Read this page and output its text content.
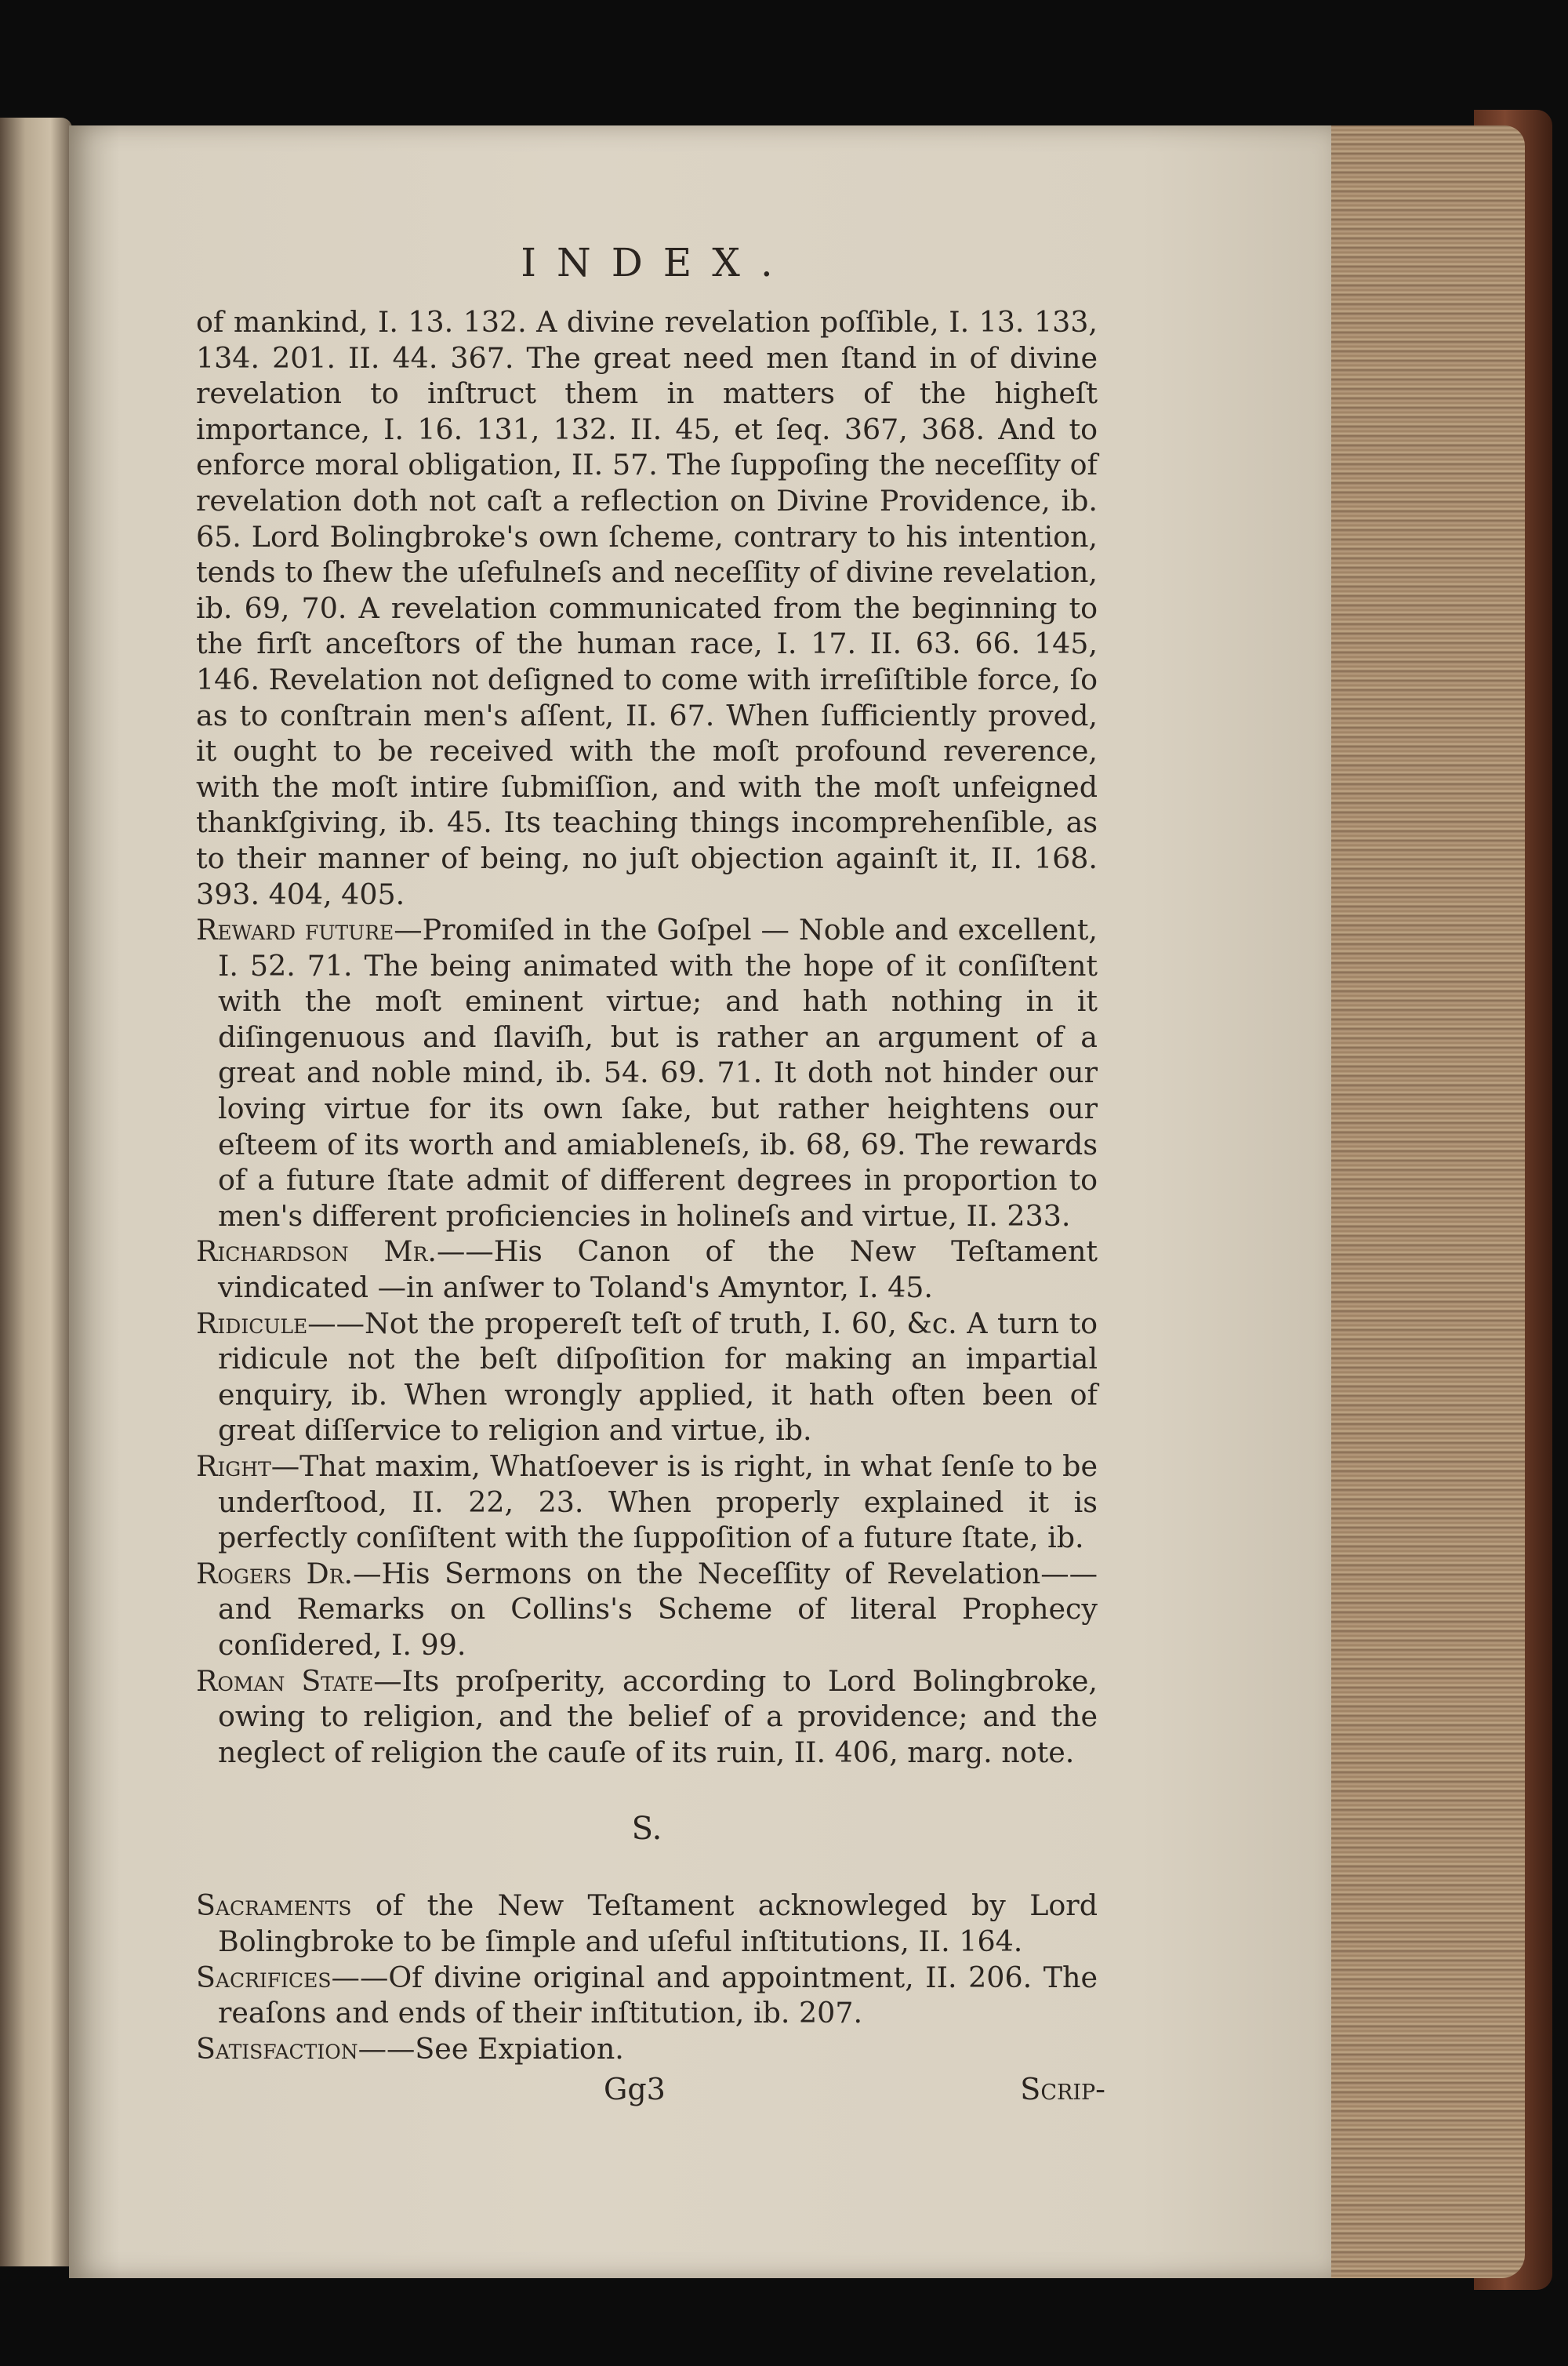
INDEX.

of mankind, I. 13. 132. A divine revelation poſſible, I. 13. 133, 134. 201. II. 44. 367. The great need men ſtand in of divine revelation to inſtruct them in matters of the higheſt importance, I. 16. 131, 132. II. 45, et ſeq. 367, 368. And to enforce moral obligation, II. 57. The ſuppoſing the neceſſity of revelation doth not caſt a reflection on Divine Providence, ib. 65. Lord Bolingbroke's own ſcheme, contrary to his intention, tends to ſhew the uſefulneſs and neceſſity of divine revelation, ib. 69, 70. A revelation communicated from the beginning to the firſt anceſtors of the human race, I. 17. II. 63. 66. 145, 146. Revelation not deſigned to come with irreſiſtible force, ſo as to conſtrain men's aſſent, II. 67. When ſufficiently proved, it ought to be received with the moſt profound reverence, with the moſt intire ſubmiſſion, and with the moſt unfeigned thankſgiving, ib. 45. Its teaching things incomprehenſible, as to their manner of being, no juſt objection againſt it, II. 168. 393. 404, 405.

Reward future—Promiſed in the Goſpel — Noble and excellent, I. 52. 71. The being animated with the hope of it conſiſtent with the moſt eminent virtue; and hath nothing in it diſingenuous and ſlaviſh, but is rather an argument of a great and noble mind, ib. 54. 69. 71. It doth not hinder our loving virtue for its own ſake, but rather heightens our eſteem of its worth and amiableneſs, ib. 68, 69. The rewards of a future ſtate admit of different degrees in proportion to men's different proficiencies in holineſs and virtue, II. 233.

Richardson Mr.——His Canon of the New Teſtament vindicated —in anſwer to Toland's Amyntor, I. 45.

Ridicule——Not the propereſt teſt of truth, I. 60, &c. A turn to ridicule not the beſt diſpoſition for making an impartial enquiry, ib. When wrongly applied, it hath often been of great diſſervice to religion and virtue, ib.

Right—That maxim, Whatſoever is is right, in what ſenſe to be underſtood, II. 22, 23. When properly explained it is perfectly conſiſtent with the ſuppoſition of a future ſtate, ib.

Rogers Dr.—His Sermons on the Neceſſity of Revelation——and Remarks on Collins's Scheme of literal Prophecy conſidered, I. 99.

Roman State—Its proſperity, according to Lord Bolingbroke, owing to religion, and the belief of a providence; and the neglect of religion the cauſe of its ruin, II. 406, marg. note.

S.

Sacraments of the New Teſtament acknowleged by Lord Bolingbroke to be ſimple and uſeful inſtitutions, II. 164.

Sacrifices——Of divine original and appointment, II. 206. The reaſons and ends of their inſtitution, ib. 207.

Satisfaction——See Expiation.

Gg3	Scrip-
